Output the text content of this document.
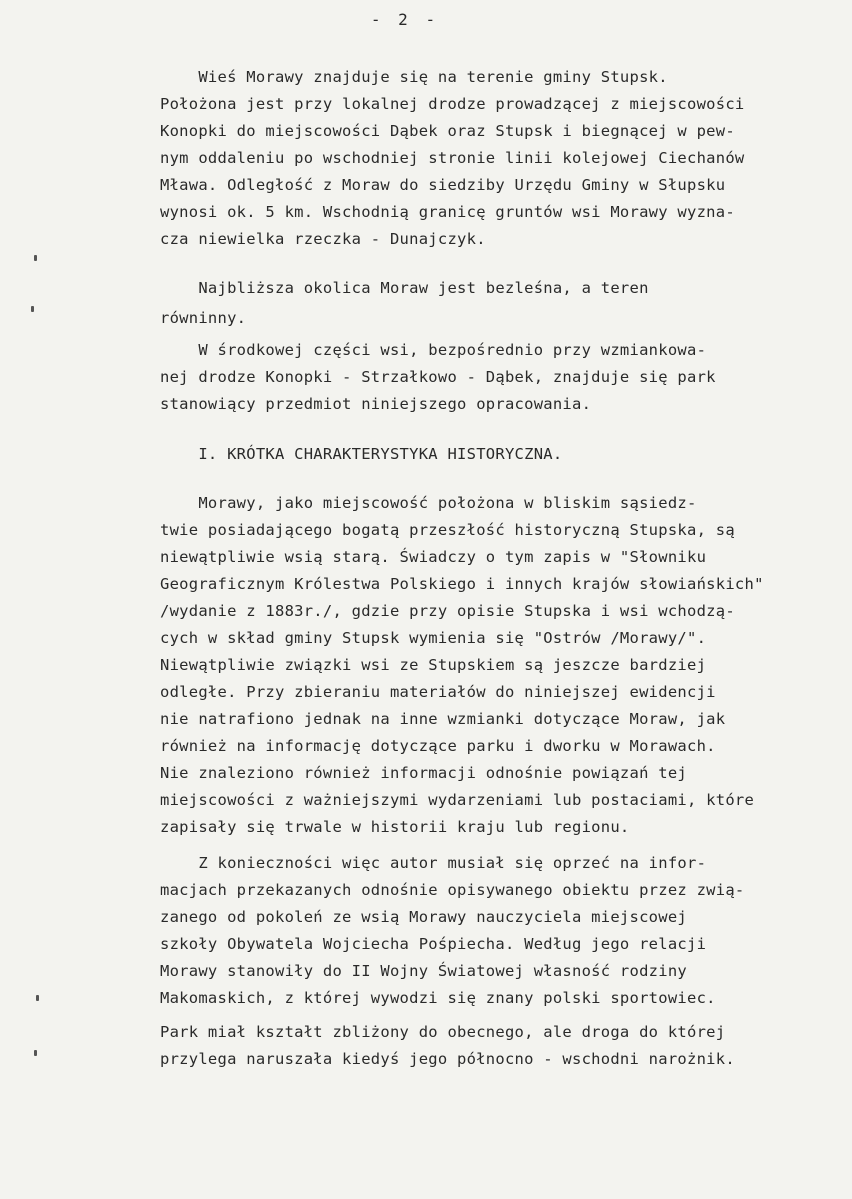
- 2 -
Wieś Morawy znajduje się na terenie gminy Stupsk.
Położona jest przy lokalnej drodze prowadzącej z miejscowości
Konopki do miejscowości Dąbek oraz Stupsk i biegnącej w pew-
nym oddaleniu po wschodniej stronie linii kolejowej Ciechanów
Mława. Odległość z Moraw do siedziby Urzędu Gminy w Słupsku
wynosi ok. 5 km. Wschodnią granicę gruntów wsi Morawy wyzna-
cza niewielka rzeczka - Dunajczyk.
Najbliższa okolica Moraw jest bezleśna, a teren
równinny.
W środkowej części wsi, bezpośrednio przy wzmiankowa-
nej drodze Konopki - Strzałkowo - Dąbek, znajduje się park
stanowiący przedmiot niniejszego opracowania.
I. KRÓTKA CHARAKTERYSTYKA HISTORYCZNA.
Morawy, jako miejscowość położona w bliskim sąsiedz-
twie posiadającego bogatą przeszłość historyczną Stupska, są
niewątpliwie wsią starą. Świadczy o tym zapis w "Słowniku
Geograficznym Królestwa Polskiego i innych krajów słowiańskich"
/wydanie z 1883r./, gdzie przy opisie Stupska i wsi wchodzą-
cych w skład gminy Stupsk wymienia się "Ostrów /Morawy/".
Niewątpliwie związki wsi ze Stupskiem są jeszcze bardziej
odległe. Przy zbieraniu materiałów do niniejszej ewidencji
nie natrafiono jednak na inne wzmianki dotyczące Moraw, jak
również na informację dotyczące parku i dworku w Morawach.
Nie znaleziono również informacji odnośnie powiązań tej
miejscowości z ważniejszymi wydarzeniami lub postaciami, które
zapisały się trwale w historii kraju lub regionu.
Z konieczności więc autor musiał się oprzeć na infor-
macjach przekazanych odnośnie opisywanego obiektu przez zwią-
zanego od pokoleń ze wsią Morawy nauczyciela miejscowej
szkoły Obywatela Wojciecha Pośpiecha. Według jego relacji
Morawy stanowiły do II Wojny Światowej własność rodziny
Makomaskich, z której wywodzi się znany polski sportowiec.
Park miał kształt zbliżony do obecnego, ale droga do której
przylega naruszała kiedyś jego północno - wschodni narożnik.
